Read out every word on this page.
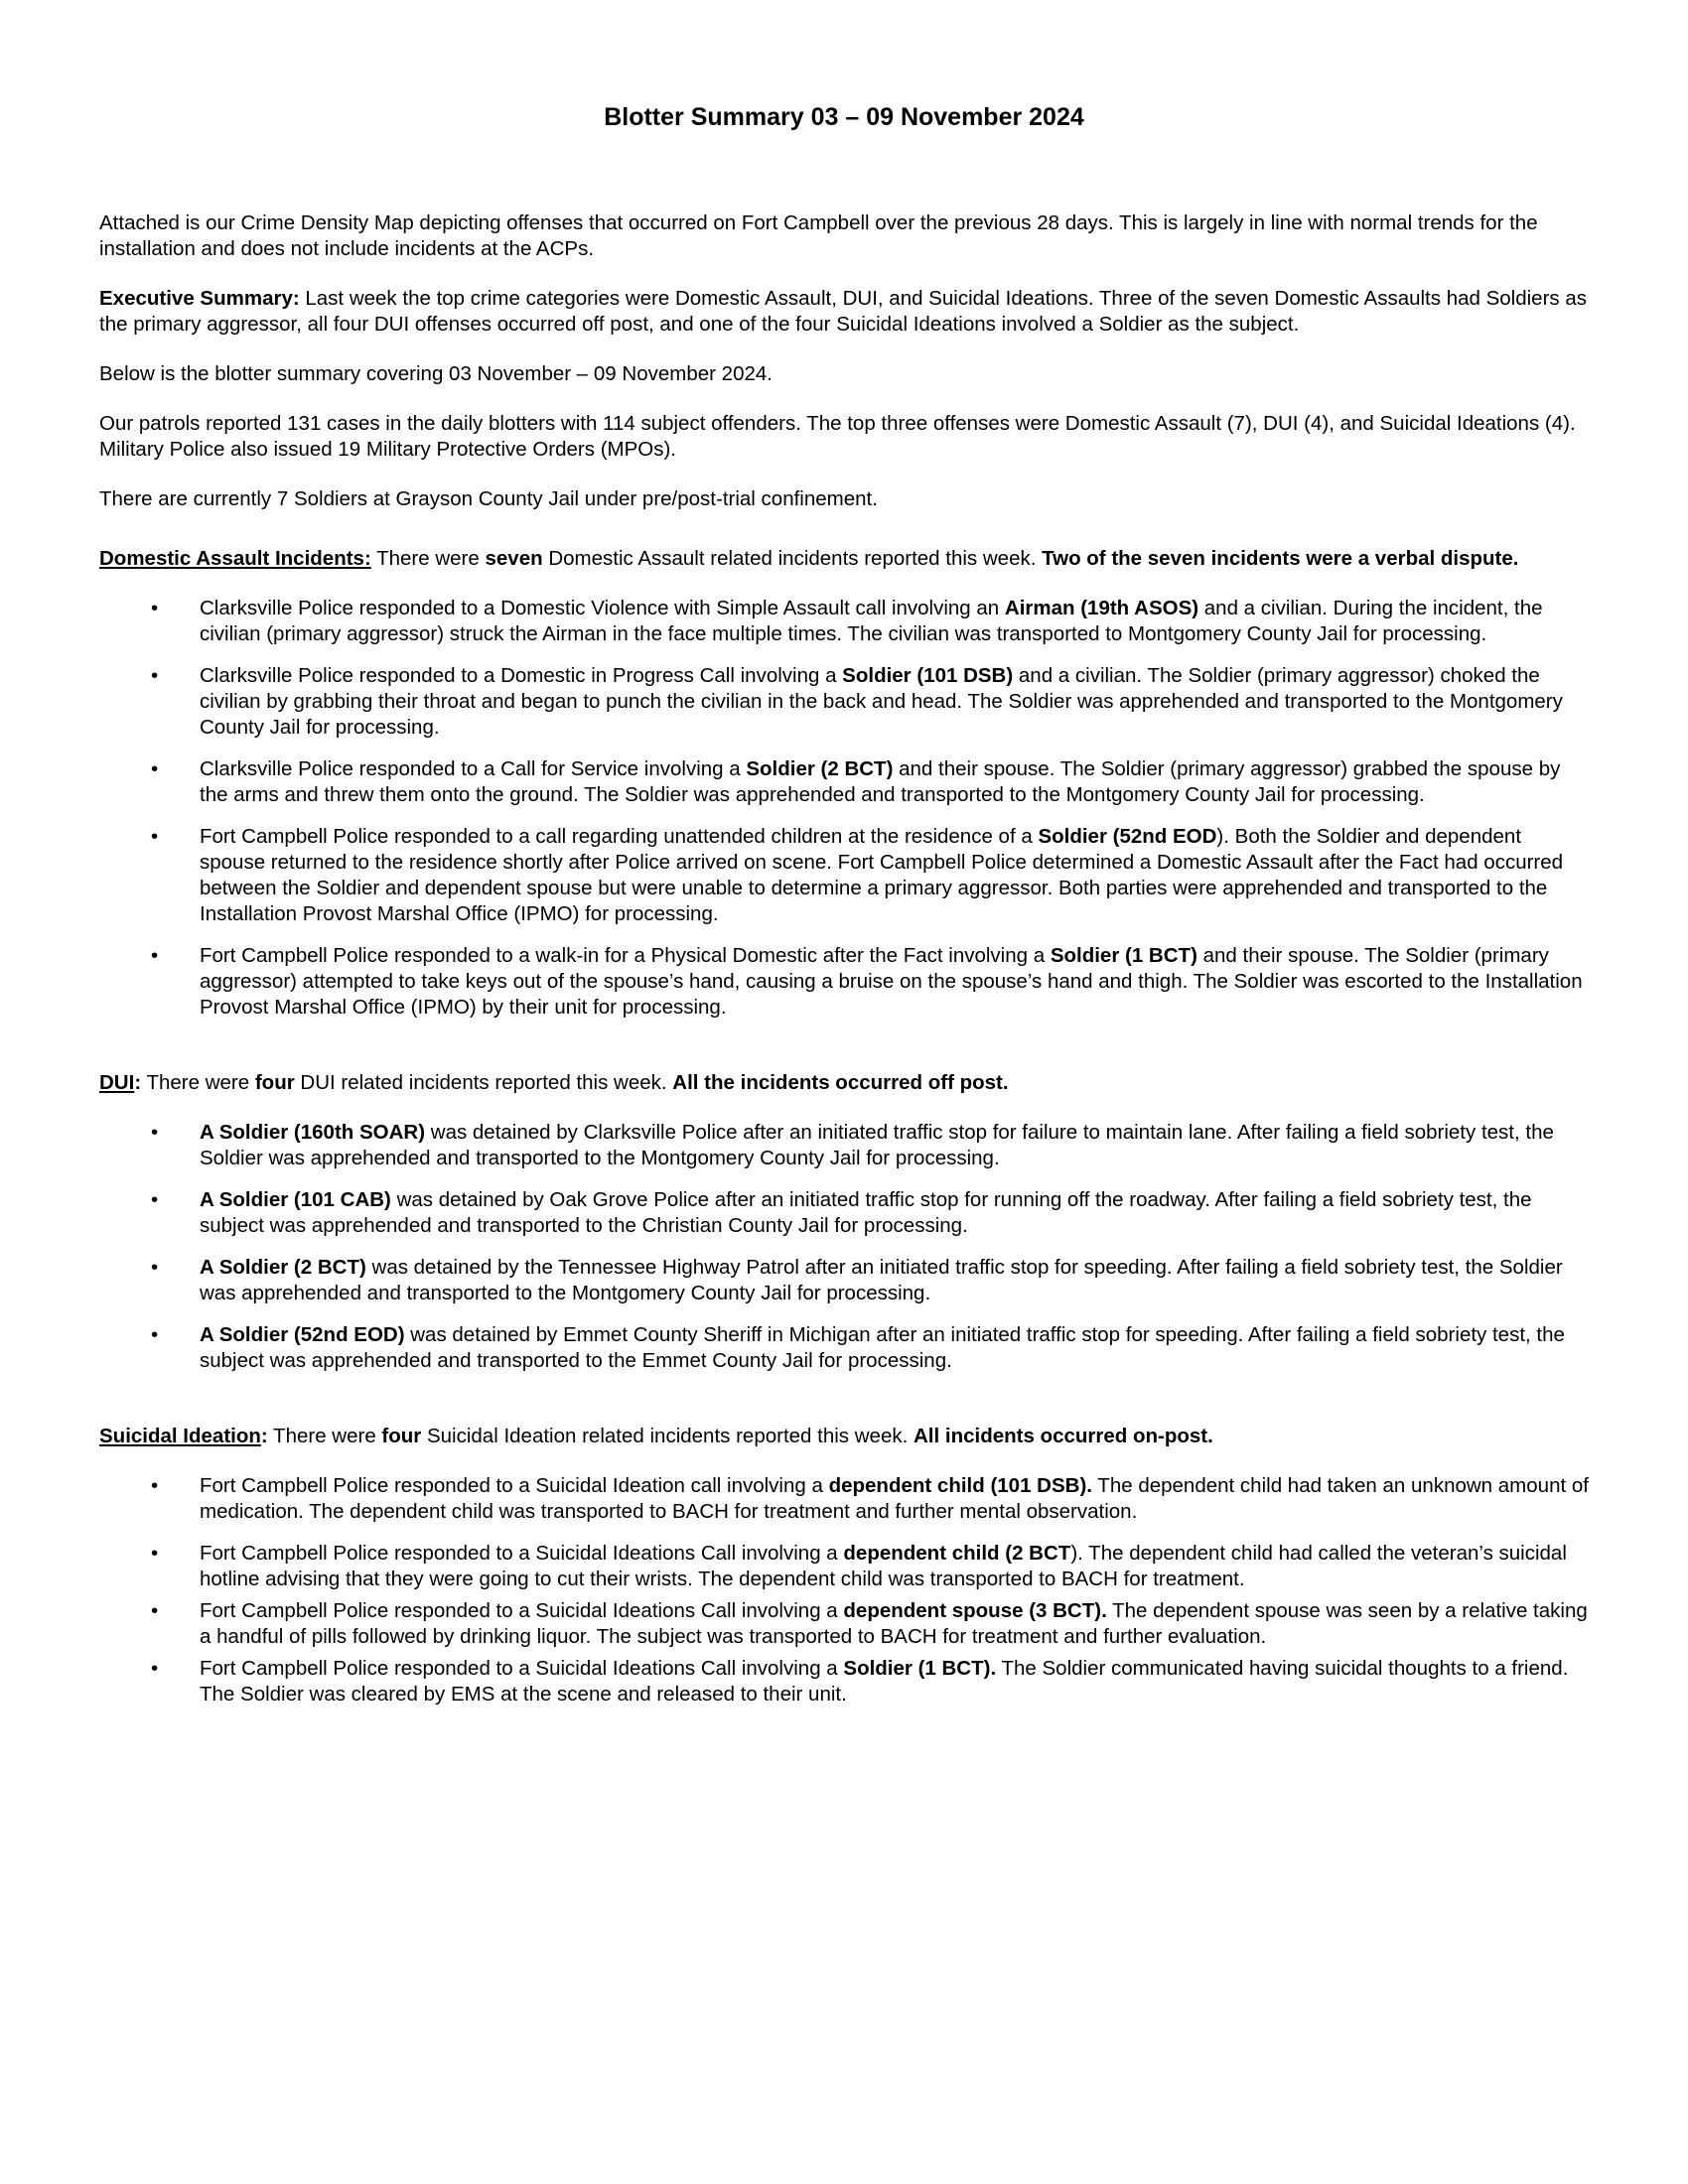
Blotter Summary 03 – 09 November 2024

Attached is our Crime Density Map depicting offenses that occurred on Fort Campbell over the previous 28 days. This is largely in line with normal trends for the installation and does not include incidents at the ACPs.

Executive Summary: Last week the top crime categories were Domestic Assault, DUI, and Suicidal Ideations. Three of the seven Domestic Assaults had Soldiers as the primary aggressor, all four DUI offenses occurred off post, and one of the four Suicidal Ideations involved a Soldier as the subject.

Below is the blotter summary covering 03 November – 09 November 2024.

Our patrols reported 131 cases in the daily blotters with 114 subject offenders. The top three offenses were Domestic Assault (7), DUI (4), and Suicidal Ideations (4). Military Police also issued 19 Military Protective Orders (MPOs).

There are currently 7 Soldiers at Grayson County Jail under pre/post-trial confinement.

Domestic Assault Incidents: There were seven Domestic Assault related incidents reported this week. Two of the seven incidents were a verbal dispute.

• Clarksville Police responded to a Domestic Violence with Simple Assault call involving an Airman (19th ASOS) and a civilian. During the incident, the civilian (primary aggressor) struck the Airman in the face multiple times. The civilian was transported to Montgomery County Jail for processing.
• Clarksville Police responded to a Domestic in Progress Call involving a Soldier (101 DSB) and a civilian. The Soldier (primary aggressor) choked the civilian by grabbing their throat and began to punch the civilian in the back and head. The Soldier was apprehended and transported to the Montgomery County Jail for processing.
• Clarksville Police responded to a Call for Service involving a Soldier (2 BCT) and their spouse. The Soldier (primary aggressor) grabbed the spouse by the arms and threw them onto the ground. The Soldier was apprehended and transported to the Montgomery County Jail for processing.
• Fort Campbell Police responded to a call regarding unattended children at the residence of a Soldier (52nd EOD). Both the Soldier and dependent spouse returned to the residence shortly after Police arrived on scene. Fort Campbell Police determined a Domestic Assault after the Fact had occurred between the Soldier and dependent spouse but were unable to determine a primary aggressor. Both parties were apprehended and transported to the Installation Provost Marshal Office (IPMO) for processing.
• Fort Campbell Police responded to a walk-in for a Physical Domestic after the Fact involving a Soldier (1 BCT) and their spouse. The Soldier (primary aggressor) attempted to take keys out of the spouse’s hand, causing a bruise on the spouse’s hand and thigh. The Soldier was escorted to the Installation Provost Marshal Office (IPMO) by their unit for processing.

DUI: There were four DUI related incidents reported this week. All the incidents occurred off post.

• A Soldier (160th SOAR) was detained by Clarksville Police after an initiated traffic stop for failure to maintain lane. After failing a field sobriety test, the Soldier was apprehended and transported to the Montgomery County Jail for processing.
• A Soldier (101 CAB) was detained by Oak Grove Police after an initiated traffic stop for running off the roadway. After failing a field sobriety test, the subject was apprehended and transported to the Christian County Jail for processing.
• A Soldier (2 BCT) was detained by the Tennessee Highway Patrol after an initiated traffic stop for speeding. After failing a field sobriety test, the Soldier was apprehended and transported to the Montgomery County Jail for processing.
• A Soldier (52nd EOD) was detained by Emmet County Sheriff in Michigan after an initiated traffic stop for speeding. After failing a field sobriety test, the subject was apprehended and transported to the Emmet County Jail for processing.

Suicidal Ideation: There were four Suicidal Ideation related incidents reported this week. All incidents occurred on-post.

• Fort Campbell Police responded to a Suicidal Ideation call involving a dependent child (101 DSB). The dependent child had taken an unknown amount of medication. The dependent child was transported to BACH for treatment and further mental observation.
• Fort Campbell Police responded to a Suicidal Ideations Call involving a dependent child (2 BCT). The dependent child had called the veteran’s suicidal hotline advising that they were going to cut their wrists. The dependent child was transported to BACH for treatment.
• Fort Campbell Police responded to a Suicidal Ideations Call involving a dependent spouse (3 BCT). The dependent spouse was seen by a relative taking a handful of pills followed by drinking liquor. The subject was transported to BACH for treatment and further evaluation.
• Fort Campbell Police responded to a Suicidal Ideations Call involving a Soldier (1 BCT). The Soldier communicated having suicidal thoughts to a friend. The Soldier was cleared by EMS at the scene and released to their unit.
